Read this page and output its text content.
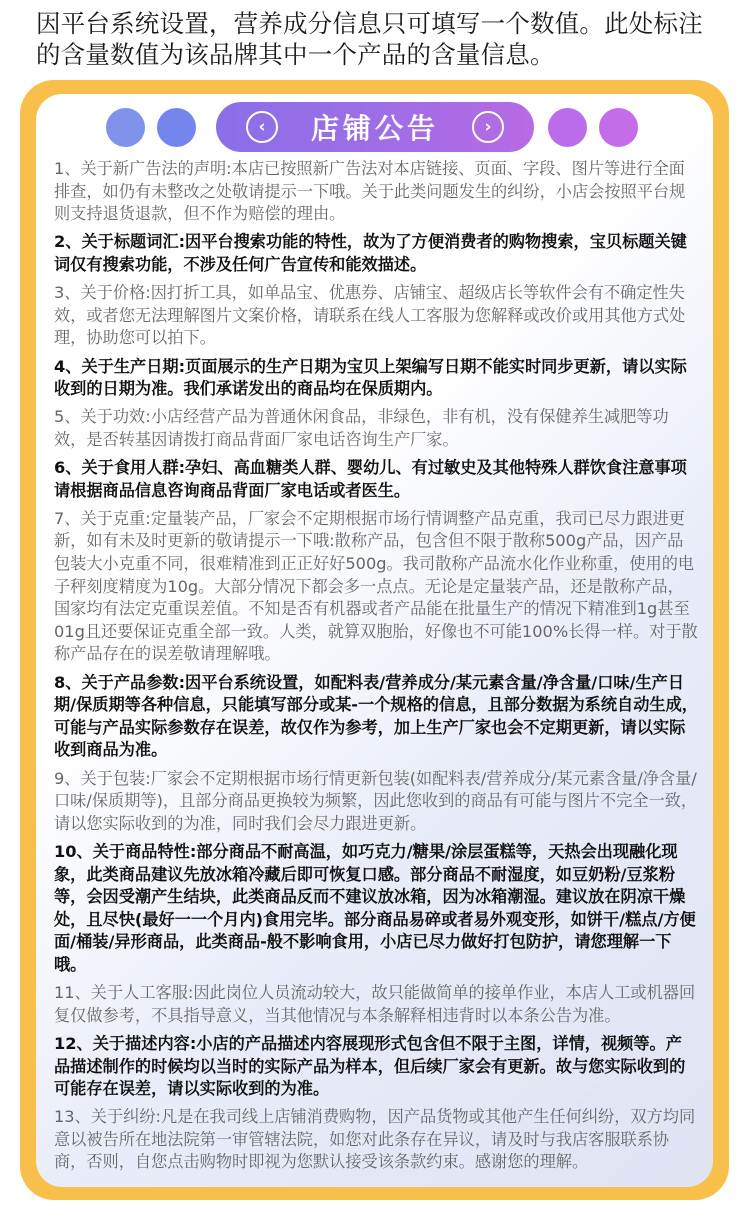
因平台系统设置，营养成分信息只可填写一个数值。此处标注的含量数值为该品牌其中一个产品的含量信息。
‹	店铺公告	›

1、关于新广告法的声明:本店已按照新广告法对本店链接、页面、字段、图片等进行全面排查，如仍有未整改之处敬请提示一下哦。关于此类问题发生的纠纷，小店会按照平台规则支持退货退款，但不作为赔偿的理由。

2、关于标题词汇:因平台搜索功能的特性，故为了方便消费者的购物搜索，宝贝标题关键词仅有搜索功能，不涉及任何广告宣传和能效描述。

3、关于价格:因打折工具，如单品宝、优惠券、店铺宝、超级店长等软件会有不确定性失效，或者您无法理解图片文案价格，请联系在线人工客服为您解释或改价或用其他方式处理，协助您可以拍下。

4、关于生产日期:页面展示的生产日期为宝贝上架编写日期不能实时同步更新，请以实际收到的日期为准。我们承诺发出的商品均在保质期内。

5、关于功效:小店经营产品为普通休闲食品，非绿色，非有机，没有保健养生减肥等功效，是否转基因请拨打商品背面厂家电话咨询生产厂家。

6、关于食用人群:孕妇、高血糖类人群、婴幼儿、有过敏史及其他特殊人群饮食注意事项请根据商品信息咨询商品背面厂家电话或者医生。

7、关于克重:定量装产品，厂家会不定期根据市场行情调整产品克重，我司已尽力跟进更新，如有未及时更新的敬请提示一下哦:散称产品，包含但不限于散称500g产品，因产品包装大小克重不同，很难精准到正正好好500g。我司散称产品流水化作业称重，使用的电子秤刻度精度为10g。大部分情况下都会多一点点。无论是定量装产品，还是散称产品，国家均有法定克重误差值。不知是否有机器或者产品能在批量生产的情况下精准到1g甚至01g且还要保证克重全部一致。人类，就算双胞胎，好像也不可能100%长得一样。对于散称产品存在的误差敬请理解哦。

8、关于产品参数:因平台系统设置，如配料表/营养成分/某元素含量/净含量/口味/生产日期/保质期等各种信息，只能填写部分或某-一个规格的信息，且部分数据为系统自动生成，可能与产品实际参数存在误差，故仅作为参考，加上生产厂家也会不定期更新，请以实际收到商品为准。

9、关于包装:厂家会不定期根据市场行情更新包装(如配料表/营养成分/某元素含量/净含量/口味/保质期等)，且部分商品更换较为频繁，因此您收到的商品有可能与图片不完全一致，请以您实际收到的为准，同时我们会尽力跟进更新。

10、关于商品特性:部分商品不耐高温，如巧克力/糖果/涂层蛋糕等，天热会出现融化现象，此类商品建议先放冰箱冷藏后即可恢复口感。部分商品不耐湿度，如豆奶粉/豆浆粉等，会因受潮产生结块，此类商品反而不建议放冰箱，因为冰箱潮湿。建议放在阴凉干燥处，且尽快(最好一一个月内)食用完毕。部分商品易碎或者易外观变形，如饼干/糕点/方便面/桶装/异形商品，此类商品-般不影响食用，小店已尽力做好打包防护，请您理解一下哦。

11、关于人工客服:因此岗位人员流动较大，故只能做简单的接单作业，本店人工或机器回复仅做参考，不具指导意义，当其他情况与本条解释相违背时以本条公告为准。

12、关于描述内容:小店的产品描述内容展现形式包含但不限于主图，详情，视频等。产品描述制作的时候均以当时的实际产品为样本，但后续厂家会有更新。故与您实际收到的可能存在误差，请以实际收到的为准。

13、关于纠纷:凡是在我司线上店铺消费购物，因产品货物或其他产生任何纠纷，双方均同意以被告所在地法院第一审管辖法院，如您对此条存在异议，请及时与我店客服联系协商，否则，自您点击购物时即视为您默认接受该条款约束。感谢您的理解。
